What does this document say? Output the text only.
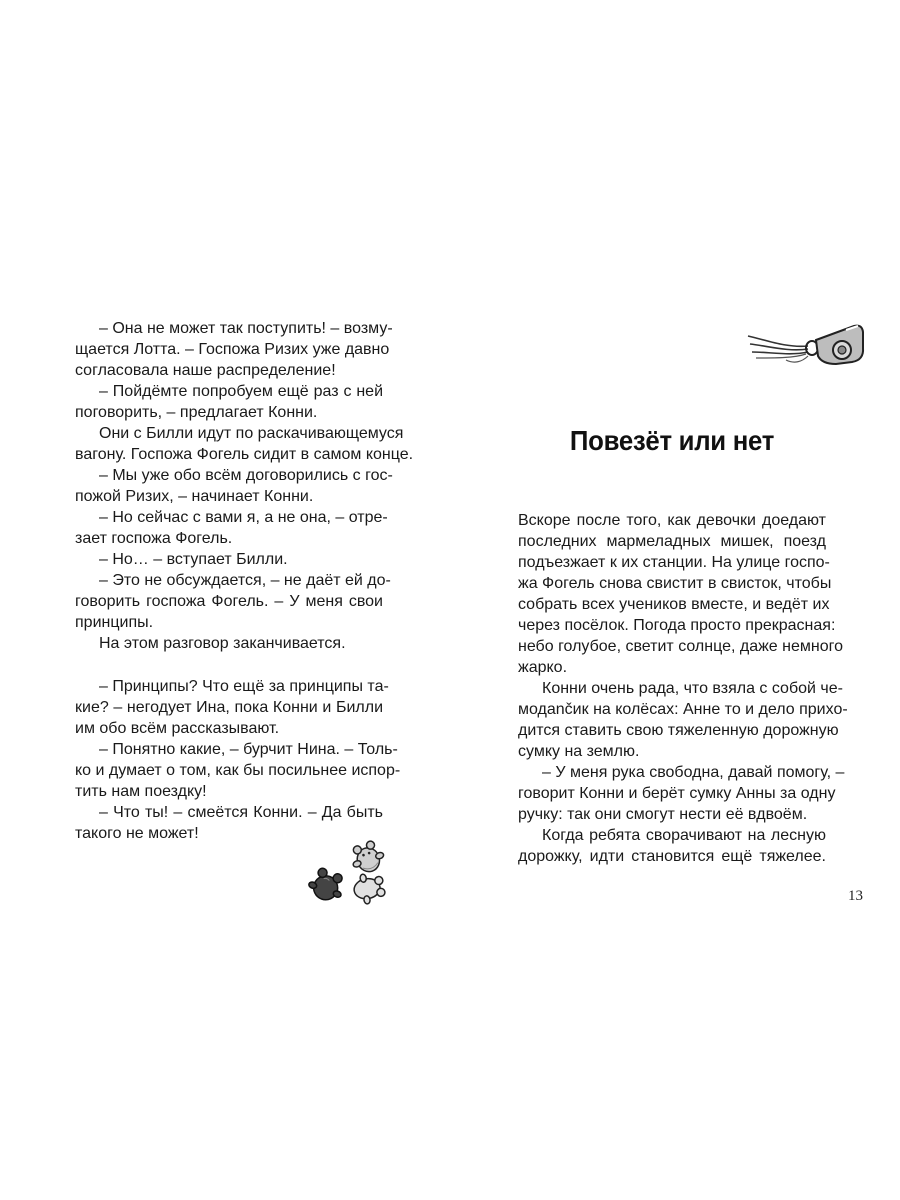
– Она не может так поступить! – возму-
щается Лотта. – Госпожа Ризих уже давно
согласовала наше распределение!
– Пойдёмте попробуем ещё раз с ней
поговорить, – предлагает Конни.
Они с Билли идут по раскачивающемуся
вагону. Госпожа Фогель сидит в самом конце.
– Мы уже обо всём договорились с гос-
пожой Ризих, – начинает Конни.
– Но сейчас с вами я, а не она, – отре-
зает госпожа Фогель.
– Но… – вступает Билли.
– Это не обсуждается, – не даёт ей до-
говорить госпожа Фогель. – У меня свои
принципы.
На этом разговор заканчивается.
– Принципы? Что ещё за принципы та-
кие? – негодует Ина, пока Конни и Билли
им обо всём рассказывают.
– Понятно какие, – бурчит Нина. – Толь-
ко и думает о том, как бы посильнее испор-
тить нам поездку!
– Что ты! – смеётся Конни. – Да быть
такого не может!
Повезёт или нет
Вскоре после того, как девочки доедают
последних мармеладных мишек, поезд
подъезжает к их станции. На улице госпо-
жа Фогель снова свистит в свисток, чтобы
собрать всех учеников вместе, и ведёт их
через посёлок. Погода просто прекрасная:
небо голубое, светит солнце, даже немного
жарко.
Конни очень рада, что взяла с собой че-
модančик на колёсах: Анне то и дело прихо-
дится ставить свою тяжеленную дорожную
сумку на землю.
– У меня рука свободна, давай помогу, –
говорит Конни и берёт сумку Анны за одну
ручку: так они смогут нести её вдвоём.
Когда ребята сворачивают на лесную
дорожку, идти становится ещё тяжелее.
13
